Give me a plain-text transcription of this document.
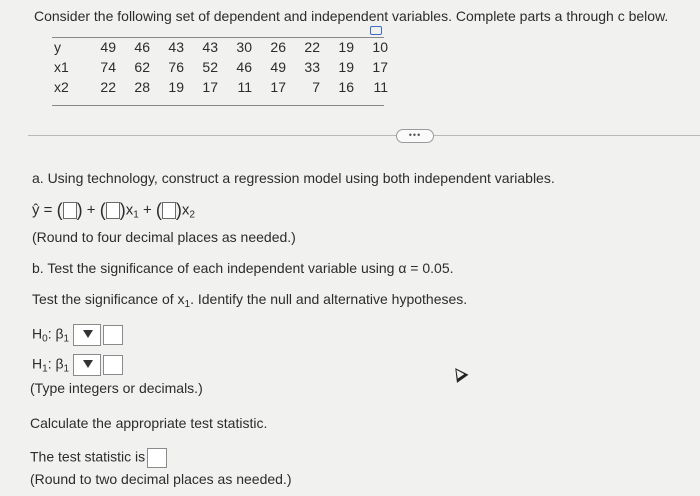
Consider the following set of dependent and independent variables. Complete parts a through c below.
y	49	46	43	43	30	26	22	19	10
x1	74	62	76	52	46	49	33	19	17
x2	22	28	19	17	11	17	7	16	11
•••
a. Using technology, construct a regression model using both independent variables.
ŷ = ( ) + ( )$x_1$ + ( )$x_2$
(Round to four decimal places as needed.)
b. Test the significance of each independent variable using α = 0.05.
Test the significance of $x_1$. Identify the null and alternative hypotheses.
$H_0$: $\beta_1$
$H_1$: $\beta_1$
(Type integers or decimals.)
Calculate the appropriate test statistic.
The test statistic is
(Round to two decimal places as needed.)
